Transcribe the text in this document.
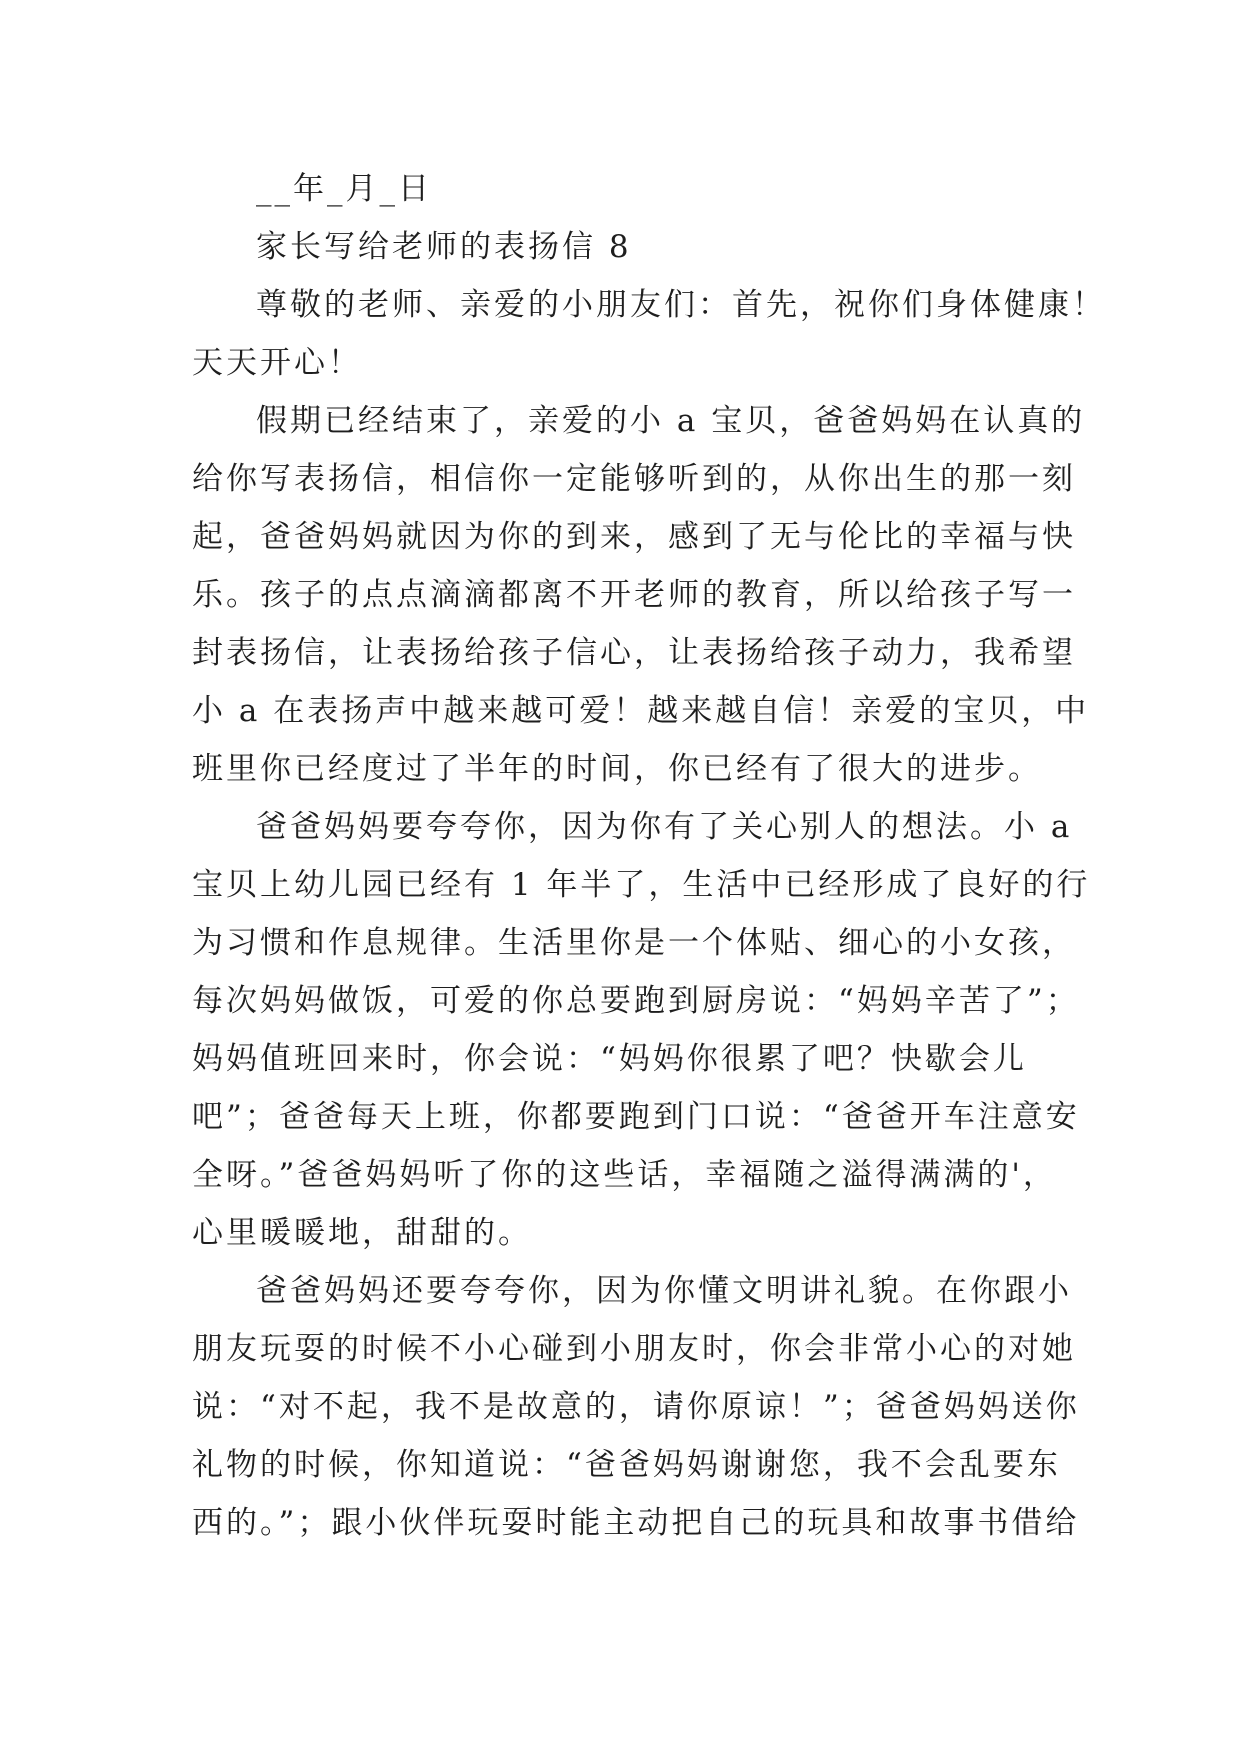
__年_月_日
家长写给老师的表扬信 8
尊敬的老师、亲爱的小朋友们：首先，祝你们身体健康！
天天开心！
假期已经结束了，亲爱的小 a 宝贝，爸爸妈妈在认真的
给你写表扬信，相信你一定能够听到的，从你出生的那一刻
起，爸爸妈妈就因为你的到来，感到了无与伦比的幸福与快
乐。孩子的点点滴滴都离不开老师的教育，所以给孩子写一
封表扬信，让表扬给孩子信心，让表扬给孩子动力，我希望
小 a 在表扬声中越来越可爱！越来越自信！亲爱的宝贝，中
班里你已经度过了半年的时间，你已经有了很大的进步。
爸爸妈妈要夸夸你，因为你有了关心别人的想法。小 a
宝贝上幼儿园已经有 1 年半了，生活中已经形成了良好的行
为习惯和作息规律。生活里你是一个体贴、细心的小女孩，
每次妈妈做饭，可爱的你总要跑到厨房说：“妈妈辛苦了”；
妈妈值班回来时，你会说：“妈妈你很累了吧？快歇会儿
吧”；爸爸每天上班，你都要跑到门口说：“爸爸开车注意安
全呀。”爸爸妈妈听了你的这些话，幸福随之溢得满满的'，
心里暖暖地，甜甜的。
爸爸妈妈还要夸夸你，因为你懂文明讲礼貌。在你跟小
朋友玩耍的时候不小心碰到小朋友时，你会非常小心的对她
说：“对不起，我不是故意的，请你原谅！”；爸爸妈妈送你
礼物的时候，你知道说：“爸爸妈妈谢谢您，我不会乱要东
西的。”；跟小伙伴玩耍时能主动把自己的玩具和故事书借给
